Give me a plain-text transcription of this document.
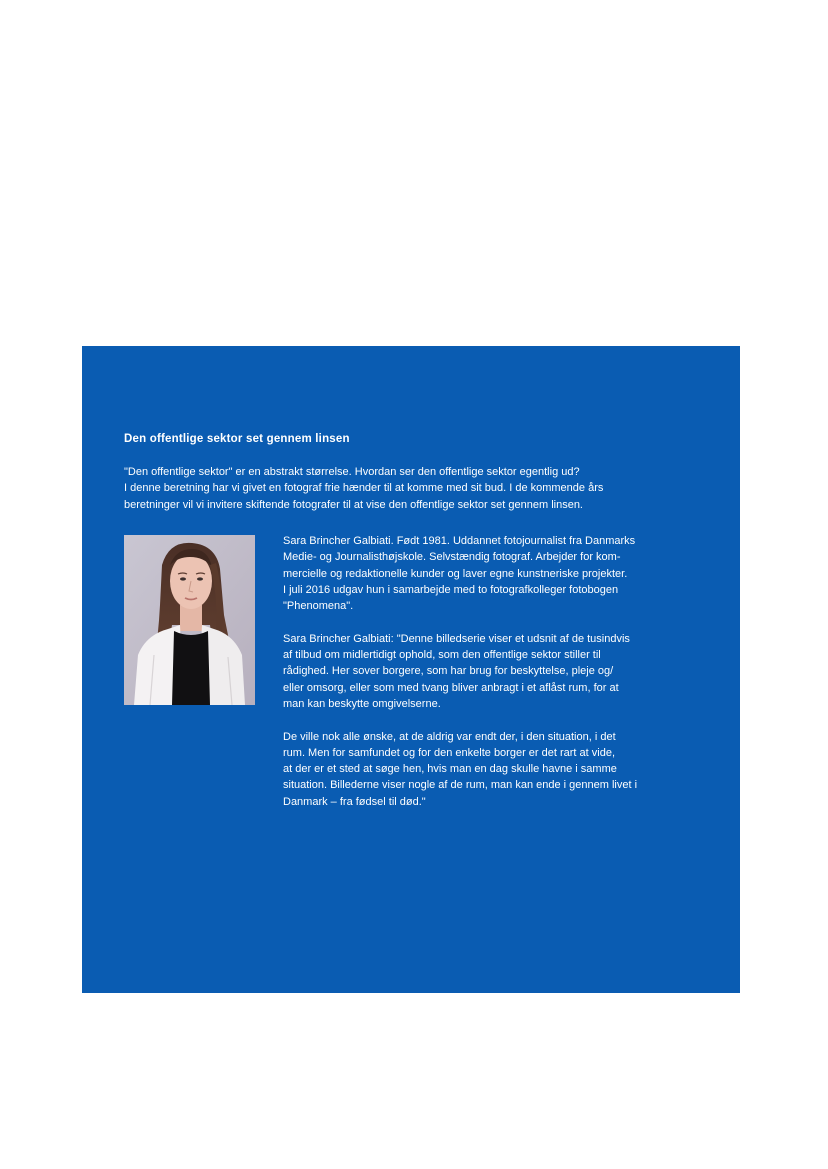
Den offentlige sektor set gennem linsen
"Den offentlige sektor" er en abstrakt størrelse. Hvordan ser den offentlige sektor egentlig ud?
I denne beretning har vi givet en fotograf frie hænder til at komme med sit bud. I de kommende års
beretninger vil vi invitere skiftende fotografer til at vise den offentlige sektor set gennem linsen.
Sara Brincher Galbiati. Født 1981. Uddannet fotojournalist fra Danmarks
Medie- og Journalisthøjskole. Selvstændig fotograf. Arbejder for kom-
mercielle og redaktionelle kunder og laver egne kunstneriske projekter.
I juli 2016 udgav hun i samarbejde med to fotografkolleger fotobogen
"Phenomena".
Sara Brincher Galbiati: "Denne billedserie viser et udsnit af de tusindvis
af tilbud om midlertidigt ophold, som den offentlige sektor stiller til
rådighed. Her sover borgere, som har brug for beskyttelse, pleje og/
eller omsorg, eller som med tvang bliver anbragt i et aflåst rum, for at
man kan beskytte omgivelserne.
De ville nok alle ønske, at de aldrig var endt der, i den situation, i det
rum. Men for samfundet og for den enkelte borger er det rart at vide,
at der er et sted at søge hen, hvis man en dag skulle havne i samme
situation. Billederne viser nogle af de rum, man kan ende i gennem livet i
Danmark – fra fødsel til død."
